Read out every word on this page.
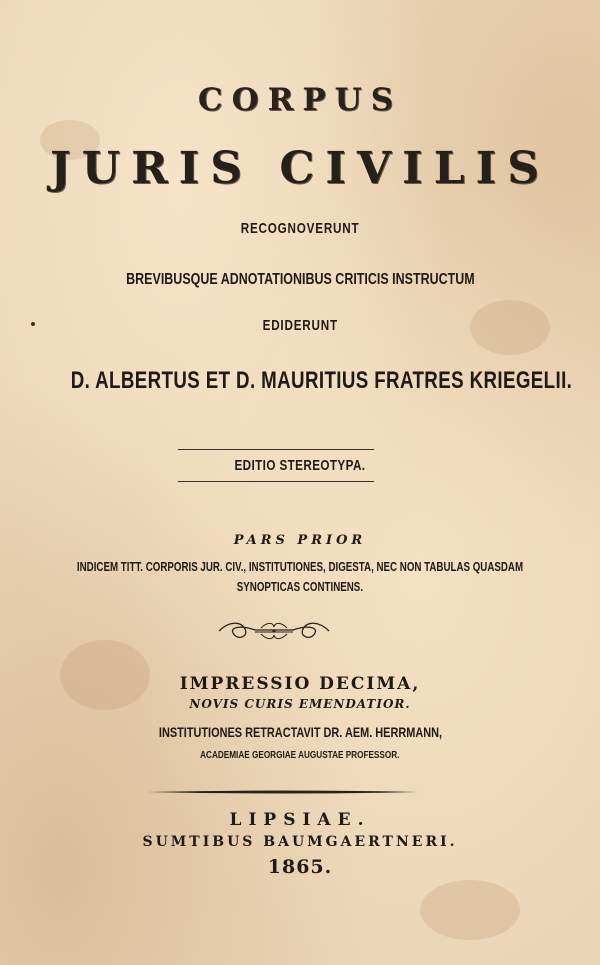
CORPUS
JURIS CIVILIS
RECOGNOVERUNT
BREVIBUSQUE ADNOTATIONIBUS CRITICIS INSTRUCTUM
EDIDERUNT
D. ALBERTUS ET D. MAURITIUS FRATRES KRIEGELII.
EDITIO STEREOTYPA.
PARS PRIOR
INDICEM TITT. CORPORIS JUR. CIV., INSTITUTIONES, DIGESTA, NEC NON TABULAS QUASDAM
SYNOPTICAS CONTINENS.
IMPRESSIO DECIMA,
NOVIS CURIS EMENDATIOR.
INSTITUTIONES RETRACTAVIT DR. AEM. HERRMANN,
ACADEMIAE GEORGIAE AUGUSTAE PROFESSOR.
LIPSIAE.
SUMTIBUS BAUMGAERTNERI.
1865.
